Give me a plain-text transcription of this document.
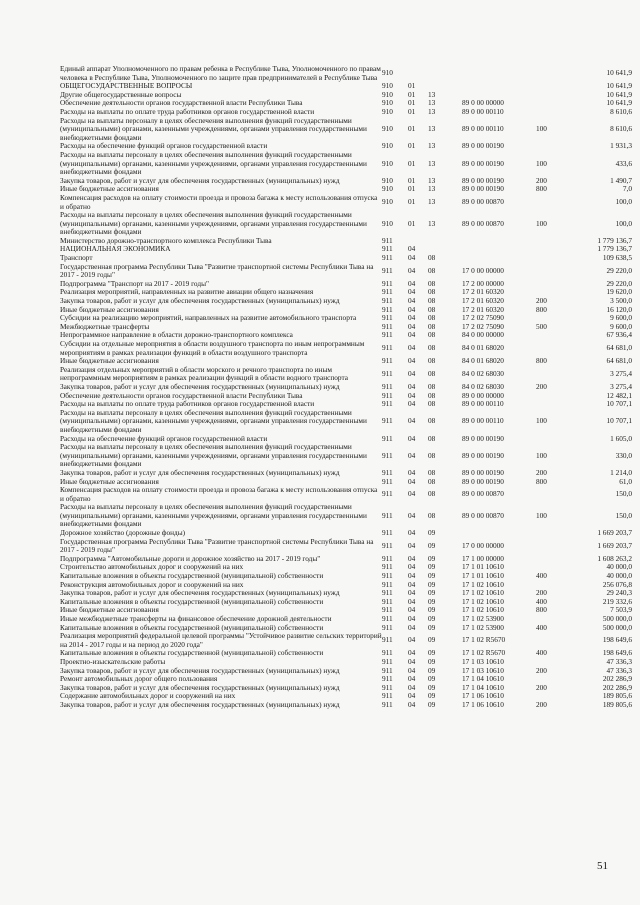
Единый аппарат Уполномоченного по правам ребенка в Республике Тыва, Уполномоченного по правам человека в Республике Тыва, Уполномоченного по защите прав предпринимателей в Республике Тыва	910					10 641,9
ОБЩЕГОСУДАРСТВЕННЫЕ ВОПРОСЫ	910	01				10 641,9
Другие общегосударственные вопросы	910	01	13			10 641,9
Обеспечение деятельности органов государственной власти Республики Тыва	910	01	13	89 0 00 00000		10 641,9
Расходы на выплаты по оплате труда работников органов государственной власти	910	01	13	89 0 00 00110		8 610,6
Расходы на выплаты персоналу в целях обеспечения выполнения функций государственными (муниципальными) органами, казенными учреждениями, органами управления государственными внебюджетными фондами	910	01	13	89 0 00 00110	100	8 610,6
Расходы на обеспечение функций органов государственной власти	910	01	13	89 0 00 00190		1 931,3
Расходы на выплаты персоналу в целях обеспечения выполнения функций государственными (муниципальными) органами, казенными учреждениями, органами управления государственными внебюджетными фондами	910	01	13	89 0 00 00190	100	433,6
Закупка товаров, работ и услуг для обеспечения государственных (муниципальных) нужд	910	01	13	89 0 00 00190	200	1 490,7
Иные бюджетные ассигнования	910	01	13	89 0 00 00190	800	7,0
Компенсация расходов на оплату стоимости проезда и провоза багажа к месту использования отпуска и обратно	910	01	13	89 0 00 00870		100,0
Расходы на выплаты персоналу в целях обеспечения выполнения функций государственными (муниципальными) органами, казенными учреждениями, органами управления государственными внебюджетными фондами	910	01	13	89 0 00 00870	100	100,0
Министерство дорожно-транспортного комплекса Республики Тыва	911					1 779 136,7
НАЦИОНАЛЬНАЯ ЭКОНОМИКА	911	04				1 779 136,7
Транспорт	911	04	08			109 638,5
Государственная программа Республики Тыва "Развитие транспортной системы Республики Тыва на 2017 - 2019 годы"	911	04	08	17 0 00 00000		29 220,0
Подпрограмма "Транспорт на 2017 - 2019 годы"	911	04	08	17 2 00 00000		29 220,0
Реализация мероприятий, направленных на развитие авиации общего назначения	911	04	08	17 2 01 60320		19 620,0
Закупка товаров, работ и услуг для обеспечения государственных (муниципальных) нужд	911	04	08	17 2 01 60320	200	3 500,0
Иные бюджетные ассигнования	911	04	08	17 2 01 60320	800	16 120,0
Субсидии на реализацию мероприятий, направленных на развитие автомобильного транспорта	911	04	08	17 2 02 75090		9 600,0
Межбюджетные трансферты	911	04	08	17 2 02 75090	500	9 600,0
Непрограммное направление в области дорожно-транспортного комплекса	911	04	08	84 0 00 00000		67 936,4
Субсидии на отдельные мероприятия в области воздушного транспорта по иным непрограммным мероприятиям в рамках реализации функций в области воздушного транспорта	911	04	08	84 0 01 68020		64 681,0
Иные бюджетные ассигнования	911	04	08	84 0 01 68020	800	64 681,0
Реализация отдельных мероприятий в области морского и речного транспорта по иным непрограммным мероприятиям в рамках реализации функций в области водного транспорта	911	04	08	84 0 02 68030		3 275,4
Закупка товаров, работ и услуг для обеспечения государственных (муниципальных) нужд	911	04	08	84 0 02 68030	200	3 275,4
Обеспечение деятельности органов государственной власти Республики Тыва	911	04	08	89 0 00 00000		12 482,1
Расходы на выплаты по оплате труда работников органов государственной власти	911	04	08	89 0 00 00110		10 707,1
Расходы на выплаты персоналу в целях обеспечения выполнения функций государственными (муниципальными) органами, казенными учреждениями, органами управления государственными внебюджетными фондами	911	04	08	89 0 00 00110	100	10 707,1
Расходы на обеспечение функций органов государственной власти	911	04	08	89 0 00 00190		1 605,0
Расходы на выплаты персоналу в целях обеспечения выполнения функций государственными (муниципальными) органами, казенными учреждениями, органами управления государственными внебюджетными фондами	911	04	08	89 0 00 00190	100	330,0
Закупка товаров, работ и услуг для обеспечения государственных (муниципальных) нужд	911	04	08	89 0 00 00190	200	1 214,0
Иные бюджетные ассигнования	911	04	08	89 0 00 00190	800	61,0
Компенсация расходов на оплату стоимости проезда и провоза багажа к месту использования отпуска и обратно	911	04	08	89 0 00 00870		150,0
Расходы на выплаты персоналу в целях обеспечения выполнения функций государственными (муниципальными) органами, казенными учреждениями, органами управления государственными внебюджетными фондами	911	04	08	89 0 00 00870	100	150,0
Дорожное хозяйство (дорожные фонды)	911	04	09			1 669 203,7
Государственная программа Республики Тыва "Развитие транспортной системы Республики Тыва на 2017 - 2019 годы"	911	04	09	17 0 00 00000		1 669 203,7
Подпрограмма "Автомобильные дороги и дорожное хозяйство на 2017 - 2019 годы"	911	04	09	17 1 00 00000		1 608 263,2
Строительство автомобильных дорог и сооружений на них	911	04	09	17 1 01 10610		40 000,0
Капитальные вложения в объекты государственной (муниципальной) собственности	911	04	09	17 1 01 10610	400	40 000,0
Реконструкция автомобильных дорог и сооружений на них	911	04	09	17 1 02 10610		256 076,8
Закупка товаров, работ и услуг для обеспечения государственных (муниципальных) нужд	911	04	09	17 1 02 10610	200	29 240,3
Капитальные вложения в объекты государственной (муниципальной) собственности	911	04	09	17 1 02 10610	400	219 332,6
Иные бюджетные ассигнования	911	04	09	17 1 02 10610	800	7 503,9
Иные межбюджетные трансферты на финансовое обеспечение дорожной деятельности	911	04	09	17 1 02 53900		500 000,0
Капитальные вложения в объекты государственной (муниципальной) собственности	911	04	09	17 1 02 53900	400	500 000,0
Реализация мероприятий федеральной целевой программы "Устойчивое развитие сельских территорий на 2014 - 2017 годы и на период до 2020 года"	911	04	09	17 1 02 R5670		198 649,6
Капитальные вложения в объекты государственной (муниципальной) собственности	911	04	09	17 1 02 R5670	400	198 649,6
Проектно-изыскательские работы	911	04	09	17 1 03 10610		47 336,3
Закупка товаров, работ и услуг для обеспечения государственных (муниципальных) нужд	911	04	09	17 1 03 10610	200	47 336,3
Ремонт автомобильных дорог общего пользования	911	04	09	17 1 04 10610		202 286,9
Закупка товаров, работ и услуг для обеспечения государственных (муниципальных) нужд	911	04	09	17 1 04 10610	200	202 286,9
Содержание автомобильных дорог и сооружений на них	911	04	09	17 1 06 10610		189 805,6
Закупка товаров, работ и услуг для обеспечения государственных (муниципальных) нужд	911	04	09	17 1 06 10610	200	189 805,6
51
